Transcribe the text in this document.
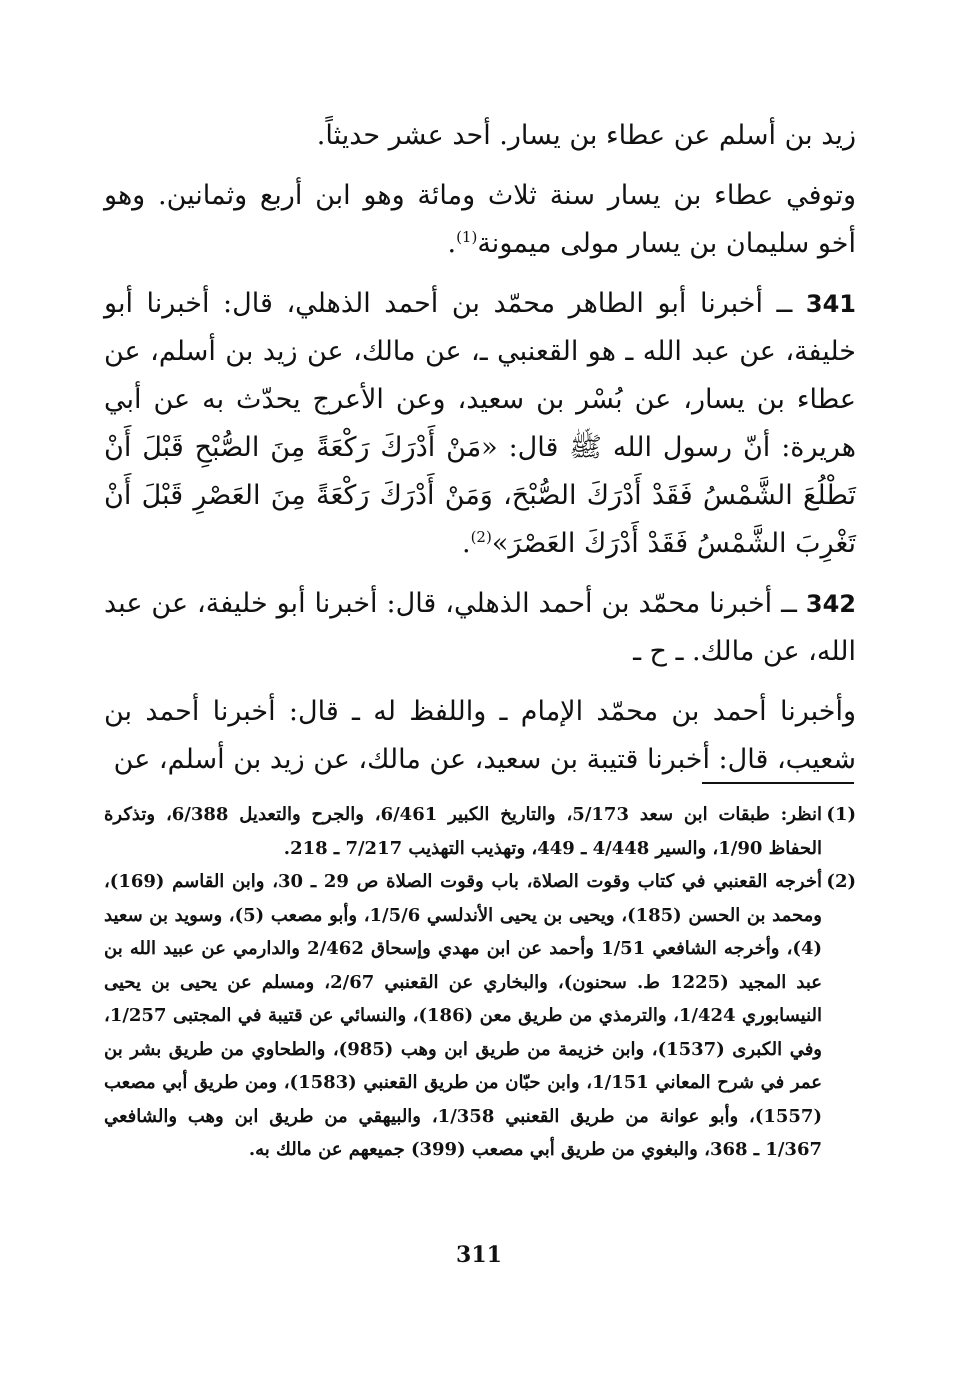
زيد بن أسلم عن عطاء بن يسار. أحد عشر حديثاً.

وتوفي عطاء بن يسار سنة ثلاث ومائة وهو ابن أربع وثمانين. وهو أخو سليمان بن يسار مولى ميمونة$^{(1)}$.

341 ــ أخبرنا أبو الطاهر محمّد بن أحمد الذهلي، قال: أخبرنا أبو خليفة، عن عبد الله ـ هو القعنبي ـ، عن مالك، عن زيد بن أسلم، عن عطاء بن يسار، عن بُسْر بن سعيد، وعن الأعرج يحدّث به عن أبي هريرة: أنّ رسول الله ﷺ قال: «مَنْ أَدْرَكَ رَكْعَةً مِنَ الصُّبْحِ قَبْلَ أَنْ تَطْلُعَ الشَّمْسُ فَقَدْ أَدْرَكَ الصُّبْحَ، وَمَنْ أَدْرَكَ رَكْعَةً مِنَ العَصْرِ قَبْلَ أَنْ تَغْرِبَ الشَّمْسُ فَقَدْ أَدْرَكَ العَصْرَ»$^{(2)}$.

342 ــ أخبرنا محمّد بن أحمد الذهلي، قال: أخبرنا أبو خليفة، عن عبد الله، عن مالك. ـ ح ـ

وأخبرنا أحمد بن محمّد الإمام ـ واللفظ له ـ قال: أخبرنا أحمد بن شعيب، قال: أخبرنا قتيبة بن سعيد، عن مالك، عن زيد بن أسلم، عن

(1)
انظر: طبقات ابن سعد 5/173، والتاريخ الكبير 6/461، والجرح والتعديل 6/388، وتذكرة الحفاظ 1/90، والسير 4/448 ـ 449، وتهذيب التهذيب 7/217 ـ 218.

(2)
أخرجه القعنبي في كتاب وقوت الصلاة، باب وقوت الصلاة ص 29 ـ 30، وابن القاسم (169)، ومحمد بن الحسن (185)، ويحيى بن يحيى الأندلسي 1/5/6، وأبو مصعب (5)، وسويد بن سعيد (4)، وأخرجه الشافعي 1/51 وأحمد عن ابن مهدي وإسحاق 2/462 والدارمي عن عبيد الله بن عبد المجيد (1225 ط. سحنون)، والبخاري عن القعنبي 2/67، ومسلم عن يحيى بن يحيى النيسابوري 1/424، والترمذي من طريق معن (186)، والنسائي عن قتيبة في المجتبى 1/257، وفي الكبرى (1537)، وابن خزيمة من طريق ابن وهب (985)، والطحاوي من طريق بشر بن عمر في شرح المعاني 1/151، وابن حبّان من طريق القعنبي (1583)، ومن طريق أبي مصعب (1557)، وأبو عوانة من طريق القعنبي 1/358، والبيهقي من طريق ابن وهب والشافعي 1/367 ـ 368، والبغوي من طريق أبي مصعب (399) جميعهم عن مالك به.

311
